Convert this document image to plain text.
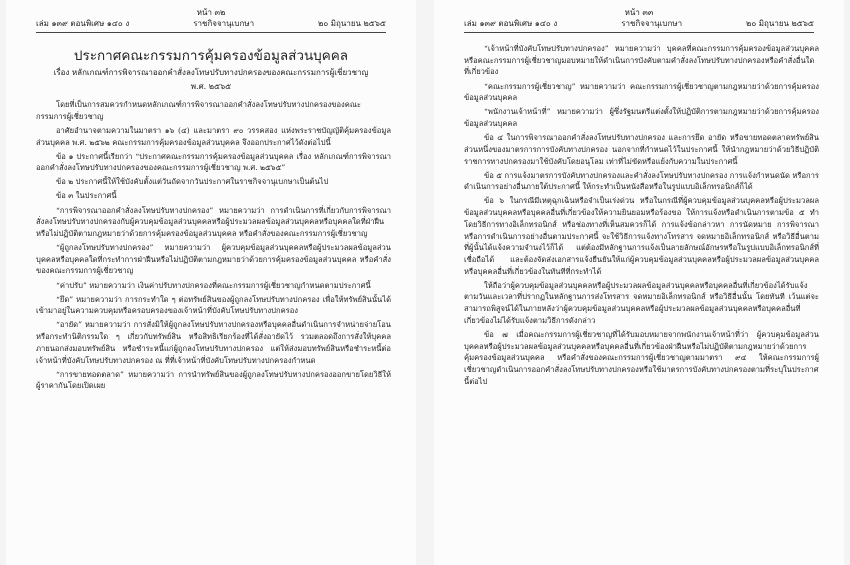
หน้า ๓๒
เล่ม ๑๓๙ ตอนพิเศษ ๑๔๐ ง	ราชกิจจานุเบกษา	๒๐ มิถุนายน ๒๕๖๕
ประกาศคณะกรรมการคุ้มครองข้อมูลส่วนบุคคล
เรื่อง หลักเกณฑ์การพิจารณาออกคำสั่งลงโทษปรับทางปกครองของคณะกรรมการผู้เชี่ยวชาญ
พ.ศ. ๒๕๖๕

โดยที่เป็นการสมควรกำหนดหลักเกณฑ์การพิจารณาออกคำสั่งลงโทษปรับทางปกครองของคณะกรรมการผู้เชี่ยวชาญ

อาศัยอำนาจตามความในมาตรา ๑๖ (๔) และมาตรา ๙๐ วรรคสอง แห่งพระราชบัญญัติคุ้มครองข้อมูลส่วนบุคคล พ.ศ. ๒๕๖๒ คณะกรรมการคุ้มครองข้อมูลส่วนบุคคล จึงออกประกาศไว้ดังต่อไปนี้

ข้อ ๑ ประกาศนี้เรียกว่า “ประกาศคณะกรรมการคุ้มครองข้อมูลส่วนบุคคล เรื่อง หลักเกณฑ์การพิจารณาออกคำสั่งลงโทษปรับทางปกครองของคณะกรรมการผู้เชี่ยวชาญ พ.ศ. ๒๕๖๕”

ข้อ ๒ ประกาศนี้ให้ใช้บังคับตั้งแต่วันถัดจากวันประกาศในราชกิจจานุเบกษาเป็นต้นไป

ข้อ ๓ ในประกาศนี้

“การพิจารณาออกคำสั่งลงโทษปรับทางปกครอง” หมายความว่า การดำเนินการที่เกี่ยวกับการพิจารณาสั่งลงโทษปรับทางปกครองกับผู้ควบคุมข้อมูลส่วนบุคคลหรือผู้ประมวลผลข้อมูลส่วนบุคคลหรือบุคคลใดที่ฝ่าฝืนหรือไม่ปฏิบัติตามกฎหมายว่าด้วยการคุ้มครองข้อมูลส่วนบุคคล หรือคำสั่งของคณะกรรมการผู้เชี่ยวชาญ

“ผู้ถูกลงโทษปรับทางปกครอง” หมายความว่า ผู้ควบคุมข้อมูลส่วนบุคคลหรือผู้ประมวลผลข้อมูลส่วนบุคคลหรือบุคคลใดที่กระทำการฝ่าฝืนหรือไม่ปฏิบัติตามกฎหมายว่าด้วยการคุ้มครองข้อมูลส่วนบุคคล หรือคำสั่งของคณะกรรมการผู้เชี่ยวชาญ

“ค่าปรับ” หมายความว่า เงินค่าปรับทางปกครองที่คณะกรรมการผู้เชี่ยวชาญกำหนดตามประกาศนี้

“ยึด” หมายความว่า การกระทำใด ๆ ต่อทรัพย์สินของผู้ถูกลงโทษปรับทางปกครอง เพื่อให้ทรัพย์สินนั้นได้เข้ามาอยู่ในความควบคุมหรือครอบครองของเจ้าหน้าที่บังคับโทษปรับทางปกครอง

“อายัด” หมายความว่า การสั่งมิให้ผู้ถูกลงโทษปรับทางปกครองหรือบุคคลอื่นดำเนินการจำหน่ายจ่ายโอนหรือกระทำนิติกรรมใด ๆ เกี่ยวกับทรัพย์สิน หรือสิทธิเรียกร้องที่ได้สั่งอายัดไว้ รวมตลอดถึงการสั่งให้บุคคลภายนอกส่งมอบทรัพย์สิน หรือชำระหนี้แก่ผู้ถูกลงโทษปรับทางปกครอง แต่ให้ส่งมอบทรัพย์สินหรือชำระหนี้ต่อเจ้าหน้าที่บังคับโทษปรับทางปกครอง ณ ที่ที่เจ้าหน้าที่บังคับโทษปรับทางปกครองกำหนด

“การขายทอดตลาด” หมายความว่า การนำทรัพย์สินของผู้ถูกลงโทษปรับทางปกครองออกขายโดยวิธีให้ผู้ราคากันโดยเปิดเผย

หน้า ๓๓
เล่ม ๑๓๙ ตอนพิเศษ ๑๔๐ ง	ราชกิจจานุเบกษา	๒๐ มิถุนายน ๒๕๖๕

“เจ้าหน้าที่บังคับโทษปรับทางปกครอง” หมายความว่า บุคคลที่คณะกรรมการคุ้มครองข้อมูลส่วนบุคคลหรือคณะกรรมการผู้เชี่ยวชาญมอบหมายให้ดำเนินการบังคับตามคำสั่งลงโทษปรับทางปกครองหรือคำสั่งอื่นใดที่เกี่ยวข้อง

“คณะกรรมการผู้เชี่ยวชาญ” หมายความว่า คณะกรรมการผู้เชี่ยวชาญตามกฎหมายว่าด้วยการคุ้มครองข้อมูลส่วนบุคคล

“พนักงานเจ้าหน้าที่” หมายความว่า ผู้ซึ่งรัฐมนตรีแต่งตั้งให้ปฏิบัติการตามกฎหมายว่าด้วยการคุ้มครองข้อมูลส่วนบุคคล

ข้อ ๔ ในการพิจารณาออกคำสั่งลงโทษปรับทางปกครอง และการยึด อายัด หรือขายทอดตลาดทรัพย์สินส่วนหนึ่งของมาตรการการบังคับทางปกครอง นอกจากที่กำหนดไว้ในประกาศนี้ ให้นำกฎหมายว่าด้วยวิธีปฏิบัติราชการทางปกครองมาใช้บังคับโดยอนุโลม เท่าที่ไม่ขัดหรือแย้งกับความในประกาศนี้

ข้อ ๕ การแจ้งมาตรการบังคับทางปกครองและคำสั่งลงโทษปรับทางปกครอง การแจ้งกำหนดนัด หรือการดำเนินการอย่างอื่นภายใต้ประกาศนี้ ให้กระทำเป็นหนังสือหรือในรูปแบบอิเล็กทรอนิกส์ก็ได้

ข้อ ๖ ในกรณีมีเหตุฉุกเฉินหรือจำเป็นเร่งด่วน หรือในกรณีที่ผู้ควบคุมข้อมูลส่วนบุคคลหรือผู้ประมวลผลข้อมูลส่วนบุคคลหรือบุคคลอื่นที่เกี่ยวข้องให้ความยินยอมหรือร้องขอ ให้การแจ้งหรือดำเนินการตามข้อ ๕ ทำโดยวิธีการทางอิเล็กทรอนิกส์ หรือช่องทางที่เห็นสมควรก็ได้ การแจ้งข้อกล่าวหา การนัดหมาย การพิจารณา หรือการดำเนินการอย่างอื่นตามประกาศนี้ จะใช้วิธีการแจ้งทางโทรสาร จดหมายอิเล็กทรอนิกส์ หรือวิธีอื่นตามที่ผู้นั้นได้แจ้งความจำนงไว้ก็ได้ แต่ต้องมีหลักฐานการแจ้งเป็นลายลักษณ์อักษรหรือในรูปแบบอิเล็กทรอนิกส์ที่เชื่อถือได้ และต้องจัดส่งเอกสารแจ้งยืนยันให้แก่ผู้ควบคุมข้อมูลส่วนบุคคลหรือผู้ประมวลผลข้อมูลส่วนบุคคลหรือบุคคลอื่นที่เกี่ยวข้องในทันทีที่กระทำได้

ให้ถือว่าผู้ควบคุมข้อมูลส่วนบุคคลหรือผู้ประมวลผลข้อมูลส่วนบุคคลหรือบุคคลอื่นที่เกี่ยวข้องได้รับแจ้งตามวันและเวลาที่ปรากฏในหลักฐานการส่งโทรสาร จดหมายอิเล็กทรอนิกส์ หรือวิธีอื่นนั้น โดยทันที เว้นแต่จะสามารถพิสูจน์ได้ในภายหลังว่าผู้ควบคุมข้อมูลส่วนบุคคลหรือผู้ประมวลผลข้อมูลส่วนบุคคลหรือบุคคลอื่นที่เกี่ยวข้องไม่ได้รับแจ้งตามวิธีการดังกล่าว

ข้อ ๗ เมื่อคณะกรรมการผู้เชี่ยวชาญที่ได้รับมอบหมายจากพนักงานเจ้าหน้าที่ว่า ผู้ควบคุมข้อมูลส่วนบุคคลหรือผู้ประมวลผลข้อมูลส่วนบุคคลหรือบุคคลอื่นที่เกี่ยวข้องฝ่าฝืนหรือไม่ปฏิบัติตามกฎหมายว่าด้วยการคุ้มครองข้อมูลส่วนบุคคล หรือคำสั่งของคณะกรรมการผู้เชี่ยวชาญตามมาตรา ๙๔ ให้คณะกรรมการผู้เชี่ยวชาญดำเนินการออกคำสั่งลงโทษปรับทางปกครองหรือใช้มาตรการบังคับทางปกครองตามที่ระบุในประกาศนี้ต่อไป
